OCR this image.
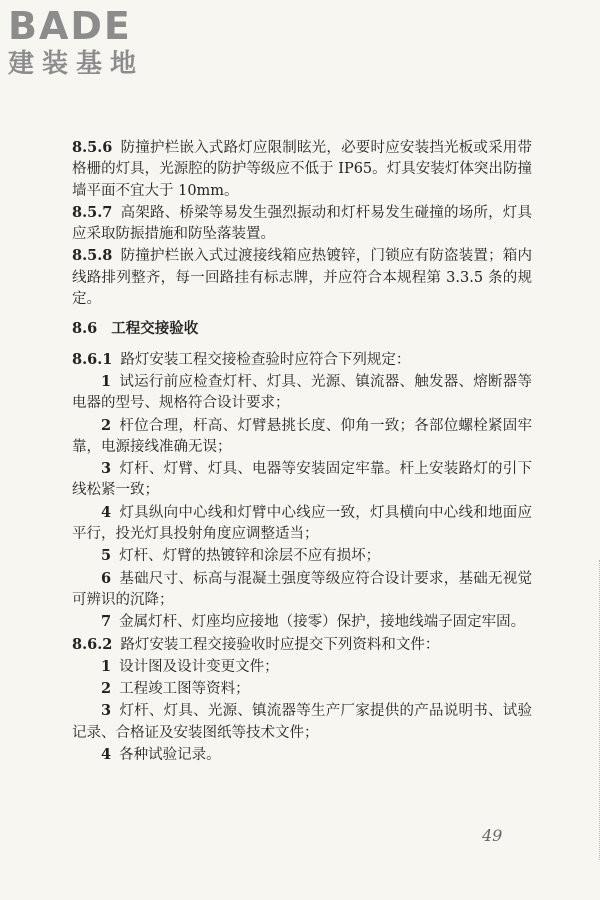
BADE
建装基地

8.5.6 防撞护栏嵌入式路灯应限制眩光，必要时应安装挡光板或采用带格栅的灯具，光源腔的防护等级应不低于 IP65。灯具安装灯体突出防撞墙平面不宜大于 10mm。

8.5.7 高架路、桥梁等易发生强烈振动和灯杆易发生碰撞的场所，灯具应采取防振措施和防坠落装置。

8.5.8 防撞护栏嵌入式过渡接线箱应热镀锌，门锁应有防盗装置；箱内线路排列整齐，每一回路挂有标志牌，并应符合本规程第 3.3.5 条的规定。

8.6 工程交接验收

8.6.1 路灯安装工程交接检查验时应符合下列规定：

1 试运行前应检查灯杆、灯具、光源、镇流器、触发器、熔断器等电器的型号、规格符合设计要求；

2 杆位合理，杆高、灯臂悬挑长度、仰角一致；各部位螺栓紧固牢靠，电源接线准确无误；

3 灯杆、灯臂、灯具、电器等安装固定牢靠。杆上安装路灯的引下线松紧一致；

4 灯具纵向中心线和灯臂中心线应一致，灯具横向中心线和地面应平行，投光灯具投射角度应调整适当；

5 灯杆、灯臂的热镀锌和涂层不应有损坏；

6 基础尺寸、标高与混凝土强度等级应符合设计要求，基础无视觉可辨识的沉降；

7 金属灯杆、灯座均应接地（接零）保护，接地线端子固定牢固。

8.6.2 路灯安装工程交接验收时应提交下列资料和文件：

1 设计图及设计变更文件；

2 工程竣工图等资料；

3 灯杆、灯具、光源、镇流器等生产厂家提供的产品说明书、试验记录、合格证及安装图纸等技术文件；

4 各种试验记录。

49
